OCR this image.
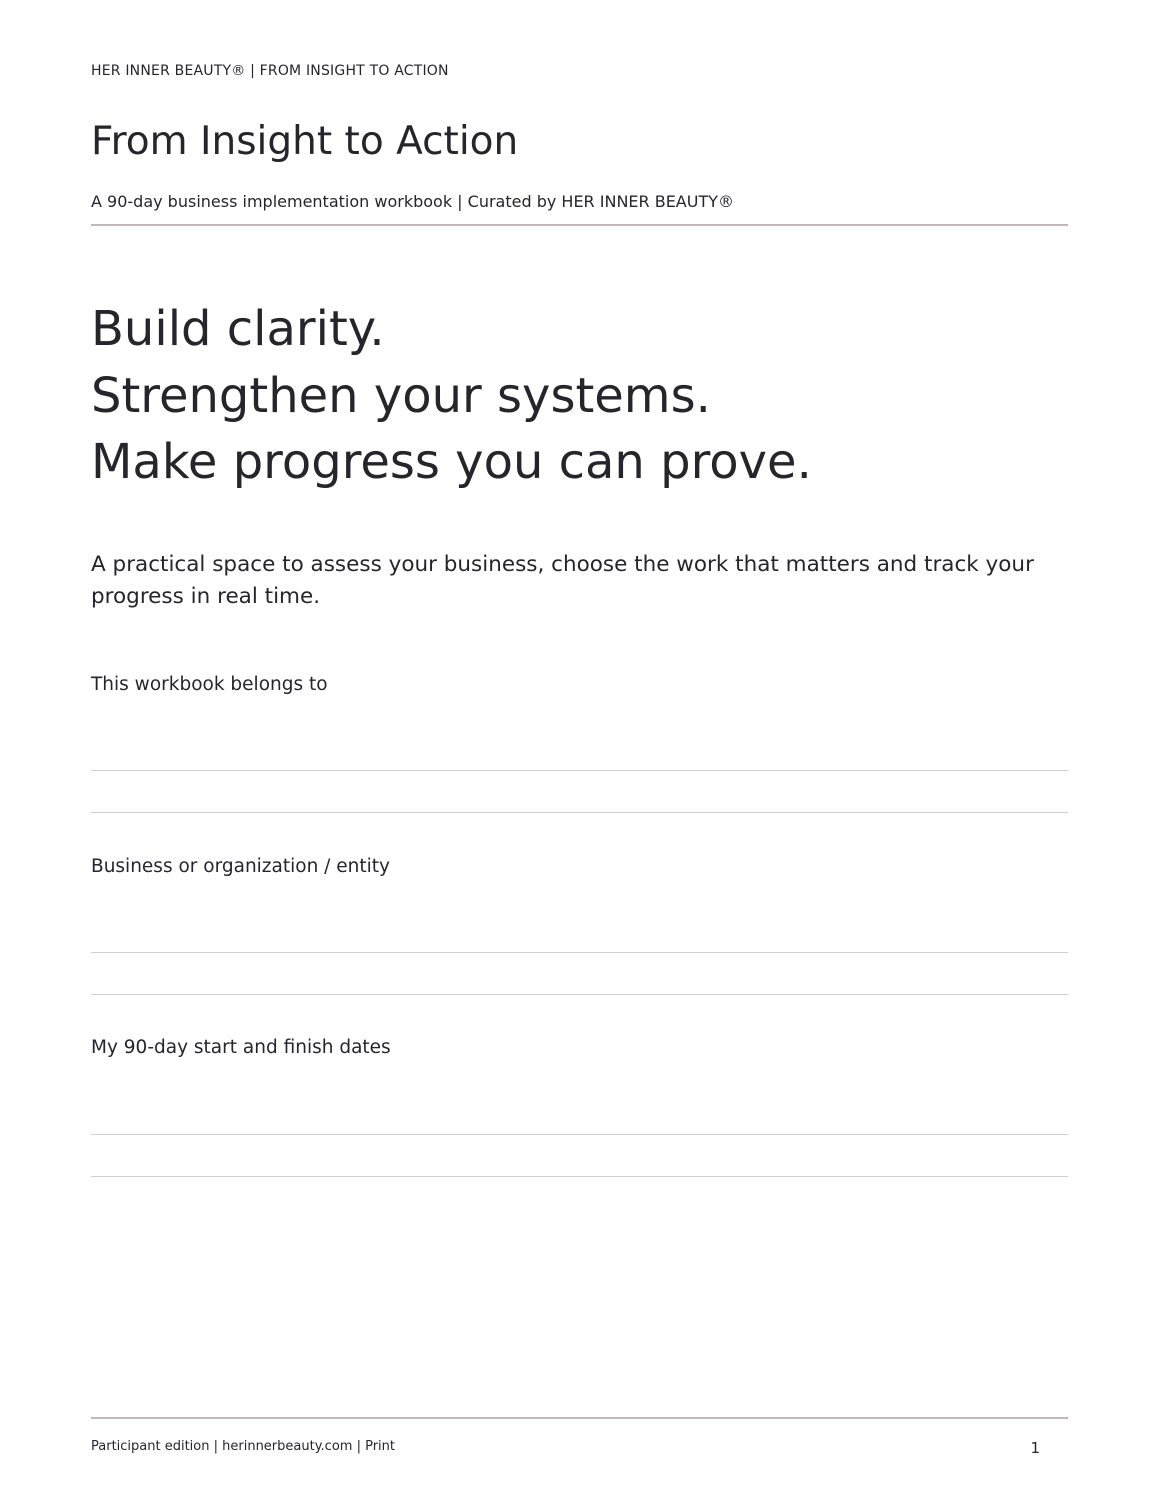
HER INNER BEAUTY® | FROM INSIGHT TO ACTION
From Insight to Action
A 90-day business implementation workbook | Curated by HER INNER BEAUTY®
Build clarity.
Strengthen your systems.
Make progress you can prove.

A practical space to assess your business, choose the work that matters and track your progress in real time.

This workbook belongs to
Business or organization / entity
My 90-day start and finish dates
Participant edition | herinnerbeauty.com | Print	1
